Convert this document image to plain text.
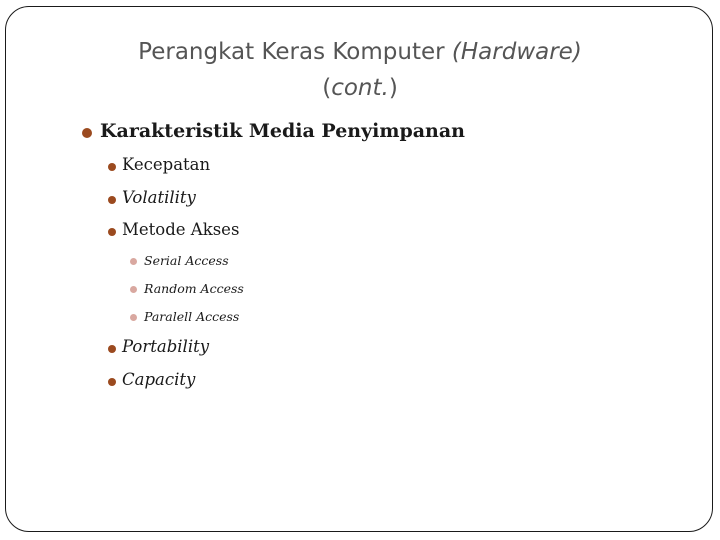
Perangkat Keras Komputer (Hardware)
(cont.)
Karakteristik Media Penyimpanan
Kecepatan
Volatility
Metode Akses
Serial Access
Random Access
Paralell Access
Portability
Capacity
